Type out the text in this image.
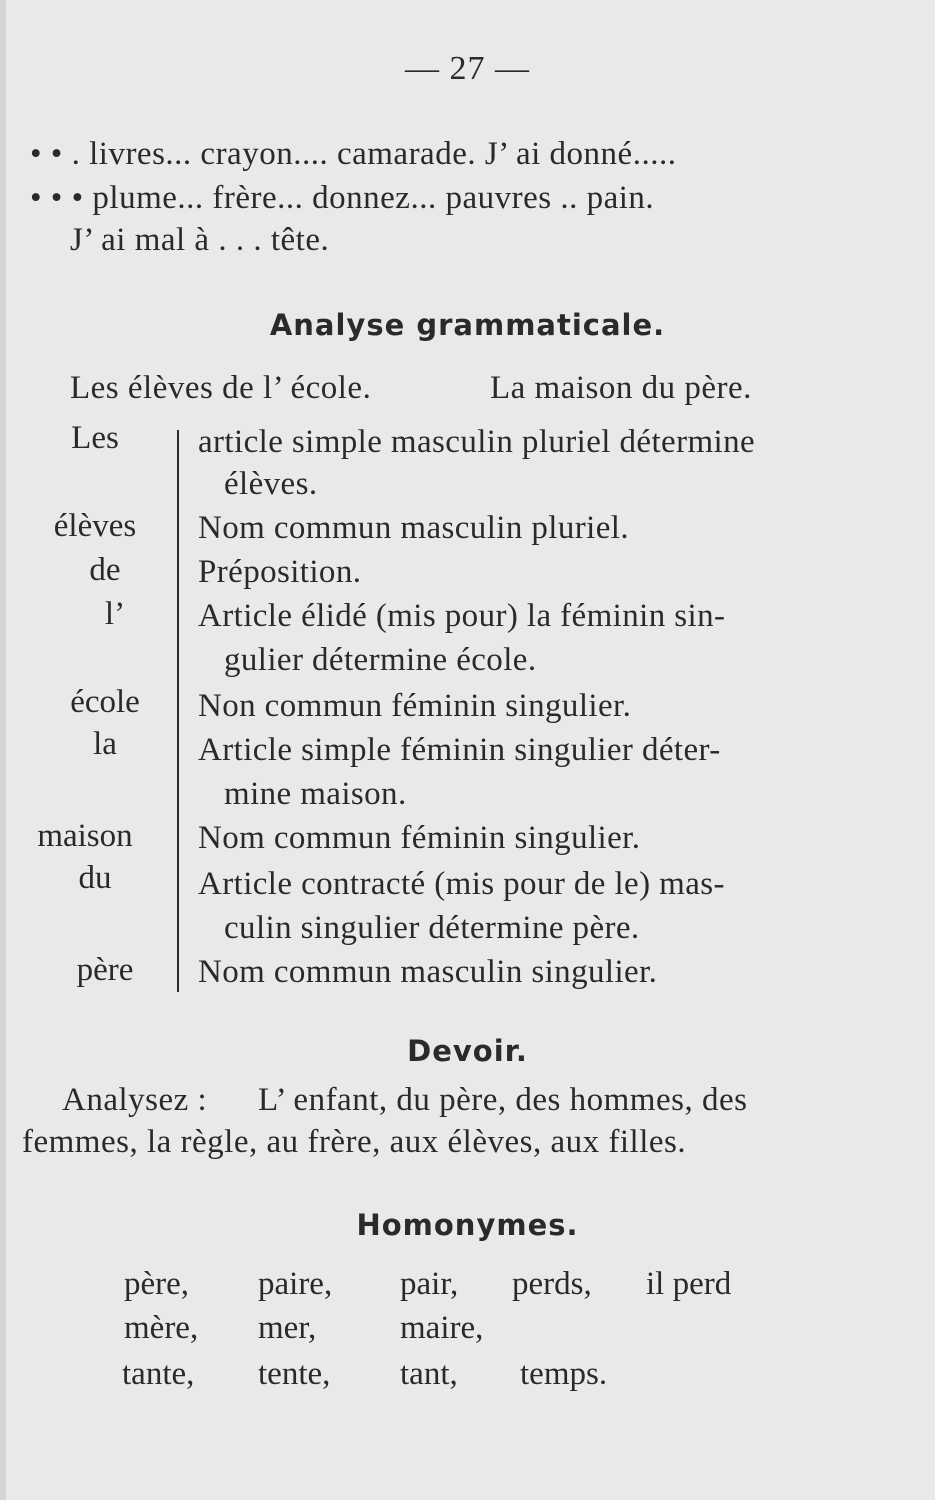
— 27 —
• • . livres... crayon.... camarade. J’ ai donné.....
• • • plume... frère... donnez... pauvres .. pain.
J’ ai mal à . . . tête.
Analyse grammaticale.
Les élèves de l’ école.	La maison du père.
Les	article simple masculin pluriel détermine
élèves.
élèves	Nom commun masculin pluriel.
de	Préposition.
l’	Article élidé (mis pour) la féminin sin-
gulier détermine école.
école	Non commun féminin singulier.
la	Article simple féminin singulier déter-
mine maison.
maison	Nom commun féminin singulier.
du	Article contracté (mis pour de le) mas-
culin singulier détermine père.
père	Nom commun masculin singulier.
Devoir.
Analysez : L’ enfant, du père, des hommes, des
femmes, la règle, au frère, aux élèves, aux filles.
Homonymes.
père, paire, pair, perds, il perd
mère, mer,	maire,
tante, tente, tant, temps.
